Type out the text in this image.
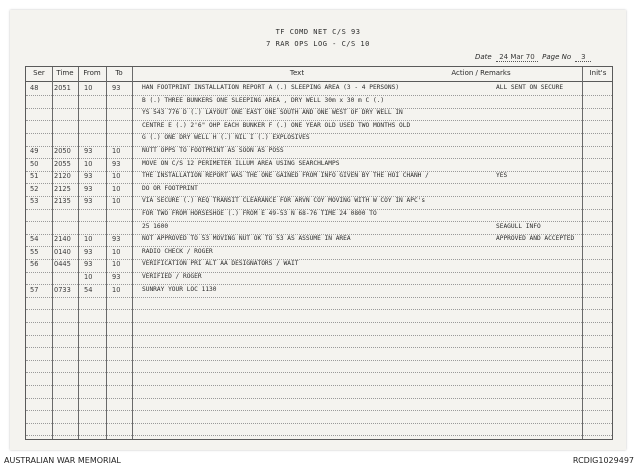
TF COMD NET C/S 93
7 RAR OPS LOG - C/S 10
Date 24 Mar 70 Page No 3
Ser	Time	From	To	Text	Action / Remarks	Init's
48 2051 10	93	HAN FOOTPRINT INSTALLATION REPORT A (.) SLEEPING AREA (3 - 4 PERSONS)	ALL SENT ON SECURE
B (.) THREE BUNKERS ONE SLEEPING AREA , DRY WELL 30m x 30 m C (.)
YS 543 776 D (.) LAYOUT ONE EAST ONE SOUTH AND ONE WEST OF DRY WELL IN
CENTRE E (.) 2'6" OHP EACH BUNKER F (.) ONE YEAR OLD USED TWO MONTHS OLD
G (.) ONE DRY WELL H (.) NIL I (.) EXPLOSIVES
49 2050 93	10	NUTT OPPS TO FOOTPRINT AS SOON AS POSS
50 2055 10	93	MOVE ON C/S 12 PERIMETER ILLUM AREA USING SEARCHLAMPS
51 2120 93	10	THE INSTALLATION REPORT WAS THE ONE GAINED FROM INFO GIVEN BY THE HOI CHANH /	YES
52 2125 93	10	DO OR FOOTPRINT
53 2135 93	10	VIA SECURE (.) REQ TRANSIT CLEARANCE FOR ARVN COY MOVING WITH W COY IN APC's
FOR TWO FROM HORSESHOE (.) FROM E 49-53 N 68-76 TIME 24 0800 TO
25 1600	SEAGULL INFO
54 2140 10	93	NOT APPROVED TO 53 MOVING NUT OK TO 53 AS ASSUME IN AREA	APPROVED AND ACCEPTED
55 0140 93	10	RADIO CHECK / ROGER
56 0445 93	10	VERIFICATION PRI ALT AA DESIGNATORS / WAIT
10	93	VERIFIED / ROGER
57 0733 54	10	SUNRAY YOUR LOC 1130
AUSTRALIAN WAR MEMORIAL	RCDIG1029497
